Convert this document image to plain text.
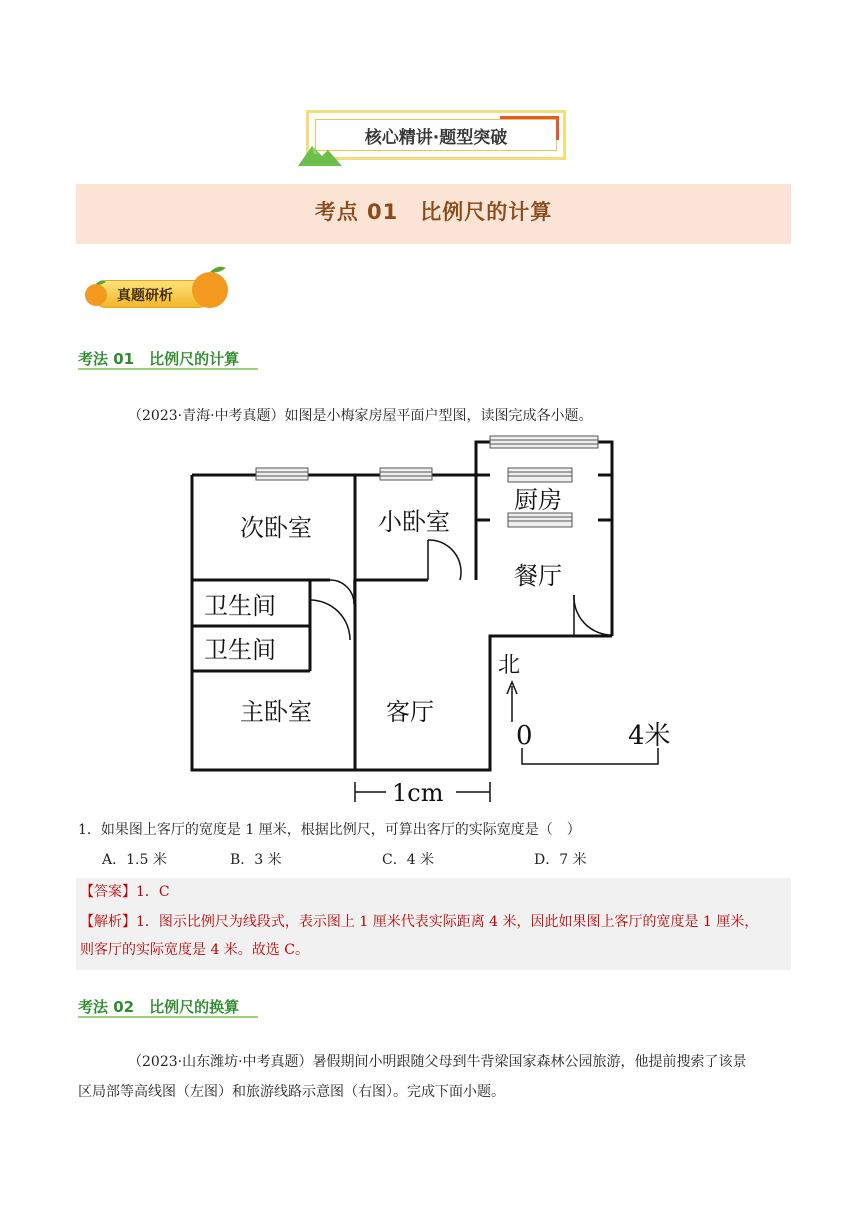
核心精讲·题型突破
考点 01　比例尺的计算
真题研析
考法 01　比例尺的计算
（2023·青海·中考真题）如图是小梅家房屋平面户型图，读图完成各小题。
次卧室	小卧室
厨房
餐厅
卫生间
卫生间
主卧室	客厅
北
0	4米
1cm
1．如果图上客厅的宽度是 1 厘米，根据比例尺，可算出客厅的实际宽度是（　）
A．1.5 米	B．3 米	C．4 米	D．7 米
【答案】1．C
【解析】1．图示比例尺为线段式，表示图上 1 厘米代表实际距离 4 米，因此如果图上客厅的宽度是 1 厘米，
则客厅的实际宽度是 4 米。故选 C。
考法 02　比例尺的换算
（2023·山东潍坊·中考真题）暑假期间小明跟随父母到牛背梁国家森林公园旅游，他提前搜索了该景
区局部等高线图（左图）和旅游线路示意图（右图）。完成下面小题。
